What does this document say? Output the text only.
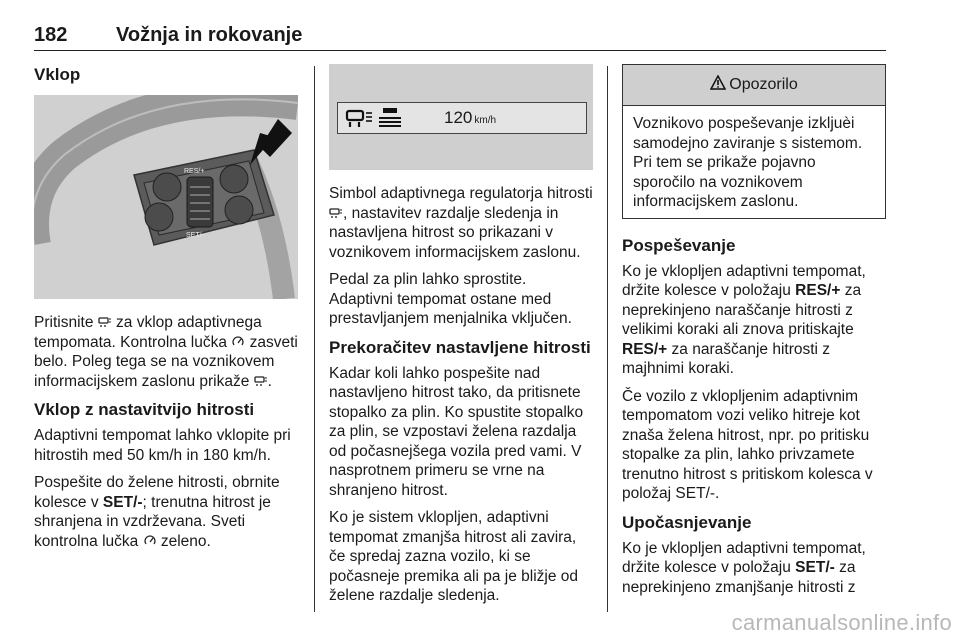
182 Vožnja in rokovanje
Vklop
RES/+
SET/-

Pritisnite  za vklop adaptivnega tempomata. Kontrolna lučka  zasveti belo. Poleg tega se na voznikovem informacijskem zaslonu prikaže .

Vklop z nastavitvijo hitrosti

Adaptivni tempomat lahko vklopite pri hitrostih med 50 km/h in 180 km/h.

Pospešite do želene hitrosti, obrnite kolesce v SET/-; trenutna hitrost je shranjena in vzdrževana. Sveti kontrolna lučka  zeleno.

120 km/h

Simbol adaptivnega regulatorja hitrosti , nastavitev razdalje sledenja in nastavljena hitrost so prikazani v voznikovem informacijskem zaslonu.

Pedal za plin lahko sprostite. Adaptivni tempomat ostane med prestavljanjem menjalnika vključen.

Prekoračitev nastavljene hitrosti

Kadar koli lahko pospešite nad nastavljeno hitrost tako, da pritisnete stopalko za plin. Ko spustite stopalko za plin, se vzpostavi želena razdalja od počasnejšega vozila pred vami. V nasprotnem primeru se vrne na shranjeno hitrost.

Ko je sistem vklopljen, adaptivni tempomat zmanjša hitrost ali zavira, če spredaj zazna vozilo, ki se počasneje premika ali pa je bližje od želene razdalje sledenja.

Opozorilo
Voznikovo pospeševanje izkljuèi samodejno zaviranje s sistemom. Pri tem se prikaže pojavno sporočilo na voznikovem informacijskem zaslonu.
Pospeševanje

Ko je vklopljen adaptivni tempomat, držite kolesce v položaju RES/+ za neprekinjeno naraščanje hitrosti z velikimi koraki ali znova pritiskajte RES/+ za naraščanje hitrosti z majhnimi koraki.

Če vozilo z vklopljenim adaptivnim tempomatom vozi veliko hitreje kot znaša želena hitrost, npr. po pritisku stopalke za plin, lahko privzamete trenutno hitrost s pritiskom kolesca v položaj SET/-.

Upočasnjevanje

Ko je vklopljen adaptivni tempomat, držite kolesce v položaju SET/- za neprekinjeno zmanjšanje hitrosti z

carmanualsonline.info
